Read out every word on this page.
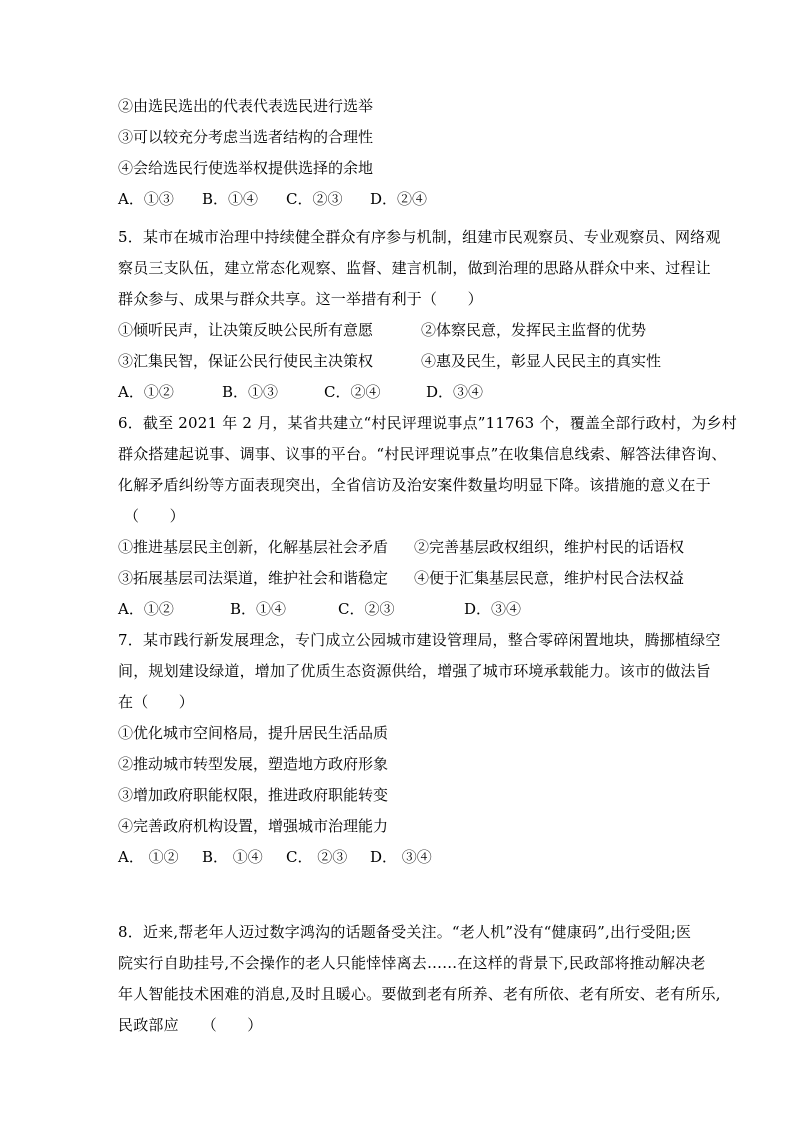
②由选民选出的代表代表选民进行选举
③可以较充分考虑当选者结构的合理性
④会给选民行使选举权提供选择的余地
A．①③ B．①④ C．②③ D．②④
5．某市在城市治理中持续健全群众有序参与机制，组建市民观察员、专业观察员、网络观
察员三支队伍，建立常态化观察、监督、建言机制，做到治理的思路从群众中来、过程让
群众参与、成果与群众共享。这一举措有利于（　　）
①倾听民声，让决策反映公民所有意愿	②体察民意，发挥民主监督的优势
③汇集民智，保证公民行使民主决策权	④惠及民生，彰显人民民主的真实性
A．①②	B．①③	C．②④	D．③④
6．截至 2021 年 2 月，某省共建立“村民评理说事点”11763 个，覆盖全部行政村，为乡村
群众搭建起说事、调事、议事的平台。“村民评理说事点”在收集信息线索、解答法律咨询、
化解矛盾纠纷等方面表现突出，全省信访及治安案件数量均明显下降。该措施的意义在于
（　　）
①推进基层民主创新，化解基层社会矛盾 ②完善基层政权组织，维护村民的话语权
③拓展基层司法渠道，维护社会和谐稳定 ④便于汇集基层民意，维护村民合法权益
A．①②	B．①④	C．②③	D．③④
7．某市践行新发展理念，专门成立公园城市建设管理局，整合零碎闲置地块，腾挪植绿空
间，规划建设绿道，增加了优质生态资源供给，增强了城市环境承载能力。该市的做法旨
在（　　）
①优化城市空间格局，提升居民生活品质
②推动城市转型发展，塑造地方政府形象
③增加政府职能权限，推进政府职能转变
④完善政府机构设置，增强城市治理能力
A． ①② B． ①④ C． ②③ D． ③④
8．近来,帮老年人迈过数字鸿沟的话题备受关注。“老人机”没有“健康码”,出行受阻;医
院实行自助挂号,不会操作的老人只能悻悻离去……在这样的背景下,民政部将推动解决老
年人智能技术困难的消息,及时且暖心。要做到老有所养、老有所依、老有所安、老有所乐,
民政部应　　（　　）
